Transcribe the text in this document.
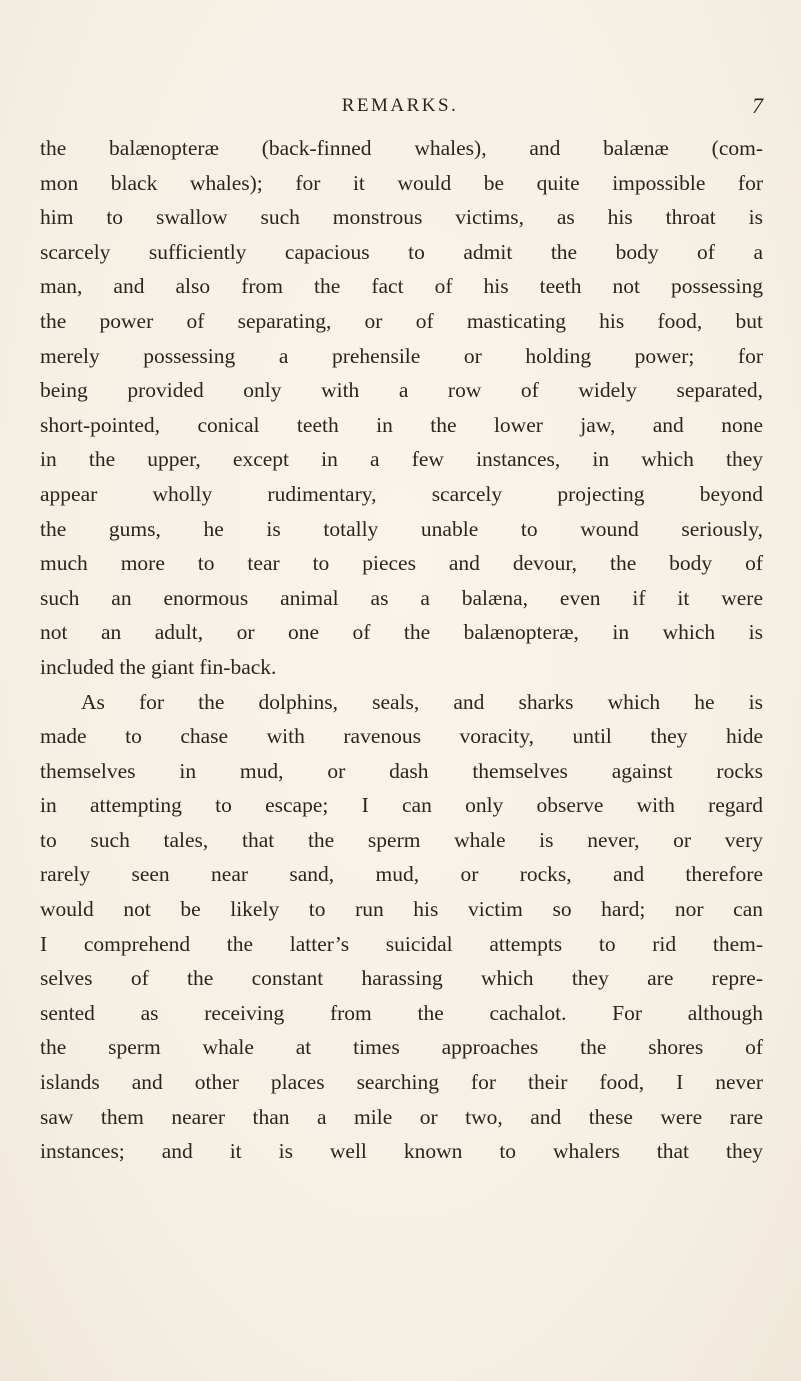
REMARKS.	7
the balænopteræ (back-finned whales), and balænæ (com-
mon black whales); for it would be quite impossible for
him to swallow such monstrous victims, as his throat is
scarcely sufficiently capacious to admit the body of a
man, and also from the fact of his teeth not possessing
the power of separating, or of masticating his food, but
merely possessing a prehensile or holding power; for
being provided only with a row of widely separated,
short-pointed, conical teeth in the lower jaw, and none
in the upper, except in a few instances, in which they
appear wholly rudimentary, scarcely projecting beyond
the gums, he is totally unable to wound seriously,
much more to tear to pieces and devour, the body of
such an enormous animal as a balæna, even if it were
not an adult, or one of the balænopteræ, in which is
included the giant fin-back.
As for the dolphins, seals, and sharks which he is
made to chase with ravenous voracity, until they hide
themselves in mud, or dash themselves against rocks
in attempting to escape; I can only observe with regard
to such tales, that the sperm whale is never, or very
rarely seen near sand, mud, or rocks, and therefore
would not be likely to run his victim so hard; nor can
I comprehend the latter’s suicidal attempts to rid them-
selves of the constant harassing which they are repre-
sented as receiving from the cachalot. For although
the sperm whale at times approaches the shores of
islands and other places searching for their food, I never
saw them nearer than a mile or two, and these were rare
instances; and it is well known to whalers that they
